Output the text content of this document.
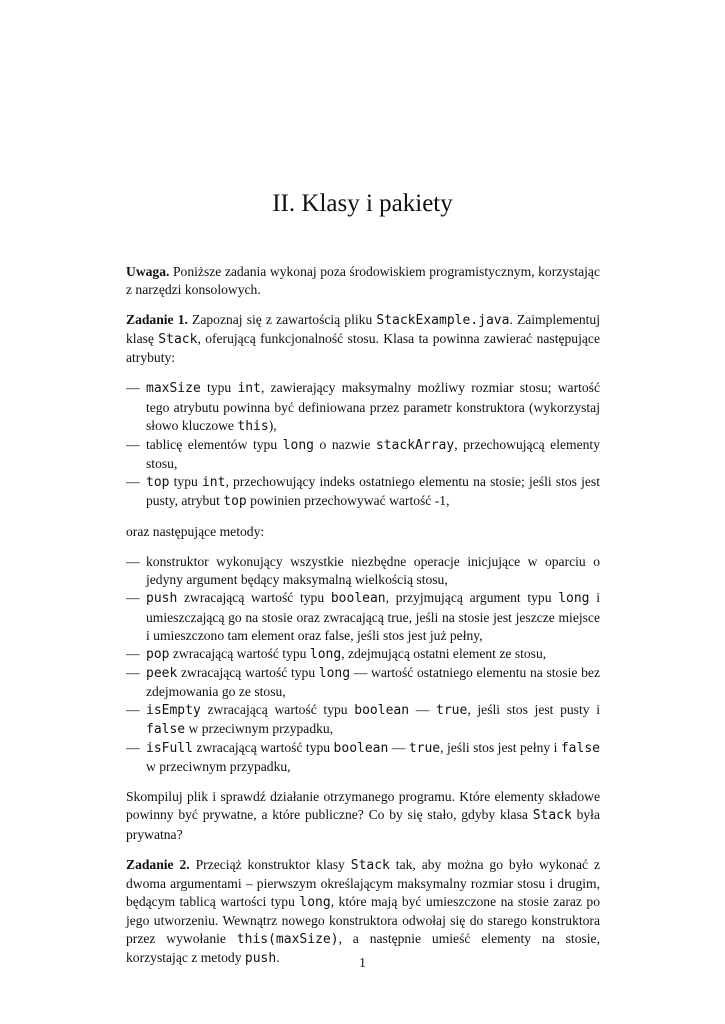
II. Klasy i pakiety

Uwaga. Poniższe zadania wykonaj poza środowiskiem programistycznym, korzystając z narzędzi konsolowych.

Zadanie 1. Zapoznaj się z zawartością pliku StackExample.java. Zaimplementuj klasę Stack, oferującą funkcjonalność stosu. Klasa ta powinna zawierać następujące atrybuty:

— maxSize typu int, zawierający maksymalny możliwy rozmiar stosu; wartość tego atrybutu powinna być definiowana przez parametr konstruktora (wykorzystaj słowo kluczowe this),
— tablicę elementów typu long o nazwie stackArray, przechowującą elementy stosu,
— top typu int, przechowujący indeks ostatniego elementu na stosie; jeśli stos jest pusty, atrybut top powinien przechowywać wartość -1,

oraz następujące metody:

— konstruktor wykonujący wszystkie niezbędne operacje inicjujące w oparciu o jedyny argument będący maksymalną wielkością stosu,
— push zwracającą wartość typu boolean, przyjmującą argument typu long i umieszczającą go na stosie oraz zwracającą true, jeśli na stosie jest jeszcze miejsce i umieszczono tam element oraz false, jeśli stos jest już pełny,
— pop zwracającą wartość typu long, zdejmującą ostatni element ze stosu,
— peek zwracającą wartość typu long — wartość ostatniego elementu na stosie bez zdejmowania go ze stosu,
— isEmpty zwracającą wartość typu boolean — true, jeśli stos jest pusty i false w przeciwnym przypadku,
— isFull zwracającą wartość typu boolean — true, jeśli stos jest pełny i false w przeciwnym przypadku,

Skompiluj plik i sprawdź działanie otrzymanego programu. Które elementy składowe powinny być prywatne, a które publiczne? Co by się stało, gdyby klasa Stack była prywatna?

Zadanie 2. Przeciąż konstruktor klasy Stack tak, aby można go było wykonać z dwoma argumentami – pierwszym określającym maksymalny rozmiar stosu i drugim, będącym tablicą wartości typu long, które mają być umieszczone na stosie zaraz po jego utworzeniu. Wewnątrz nowego konstruktora odwołaj się do starego konstruktora przez wywołanie this(maxSize), a następnie umieść elementy na stosie, korzystając z metody push.	1
